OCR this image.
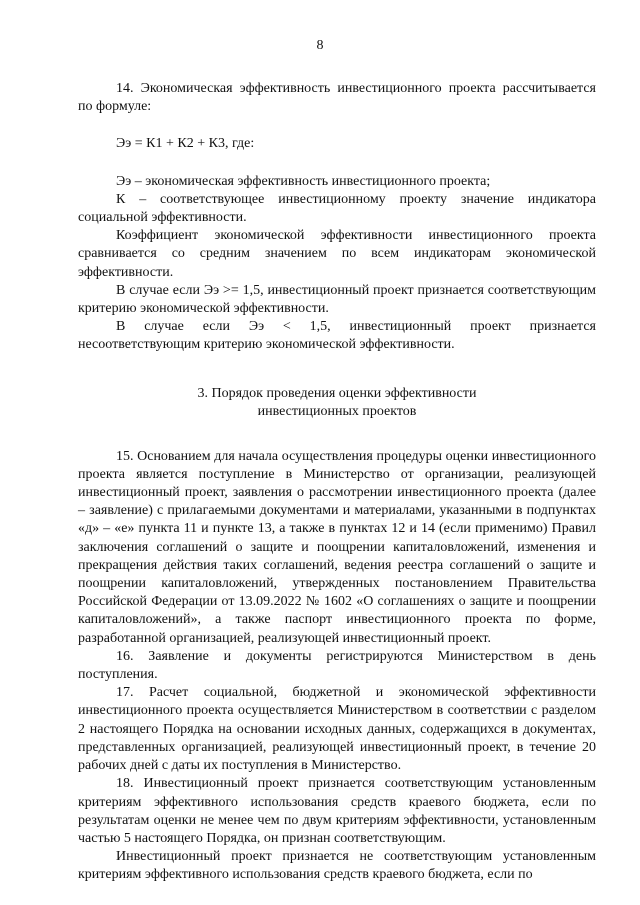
8

14. Экономическая эффективность инвестиционного проекта рассчитывается по формуле:

Ээ = К1 + К2 + К3, где:

Ээ – экономическая эффективность инвестиционного проекта;

К – соответствующее инвестиционному проекту значение индикатора социальной эффективности.

Коэффициент экономической эффективности инвестиционного проекта сравнивается со средним значением по всем индикаторам экономической эффективности.

В случае если Ээ >= 1,5, инвестиционный проект признается соответствующим критерию экономической эффективности.

В случае если Ээ < 1,5, инвестиционный проект признается несоответствующим критерию экономической эффективности.

3. Порядок проведения оценки эффективности
инвестиционных проектов

15. Основанием для начала осуществления процедуры оценки инвестиционного проекта является поступление в Министерство от организации, реализующей инвестиционный проект, заявления о рассмотрении инвестиционного проекта (далее – заявление) с прилагаемыми документами и материалами, указанными в подпунктах «д» – «е» пункта 11 и пункте 13, а также в пунктах 12 и 14 (если применимо) Правил заключения соглашений о защите и поощрении капиталовложений, изменения и прекращения действия таких соглашений, ведения реестра соглашений о защите и поощрении капиталовложений, утвержденных постановлением Правительства Российской Федерации от 13.09.2022 № 1602 «О соглашениях о защите и поощрении капиталовложений», а также паспорт инвестиционного проекта по форме, разработанной организацией, реализующей инвестиционный проект.

16. Заявление и документы регистрируются Министерством в день поступления.

17. Расчет социальной, бюджетной и экономической эффективности инвестиционного проекта осуществляется Министерством в соответствии с разделом 2 настоящего Порядка на основании исходных данных, содержащихся в документах, представленных организацией, реализующей инвестиционный проект, в течение 20 рабочих дней с даты их поступления в Министерство.

18. Инвестиционный проект признается соответствующим установленным критериям эффективного использования средств краевого бюджета, если по результатам оценки не менее чем по двум критериям эффективности, установленным частью 5 настоящего Порядка, он признан соответствующим.

Инвестиционный проект признается не соответствующим установленным критериям эффективного использования средств краевого бюджета, если по
